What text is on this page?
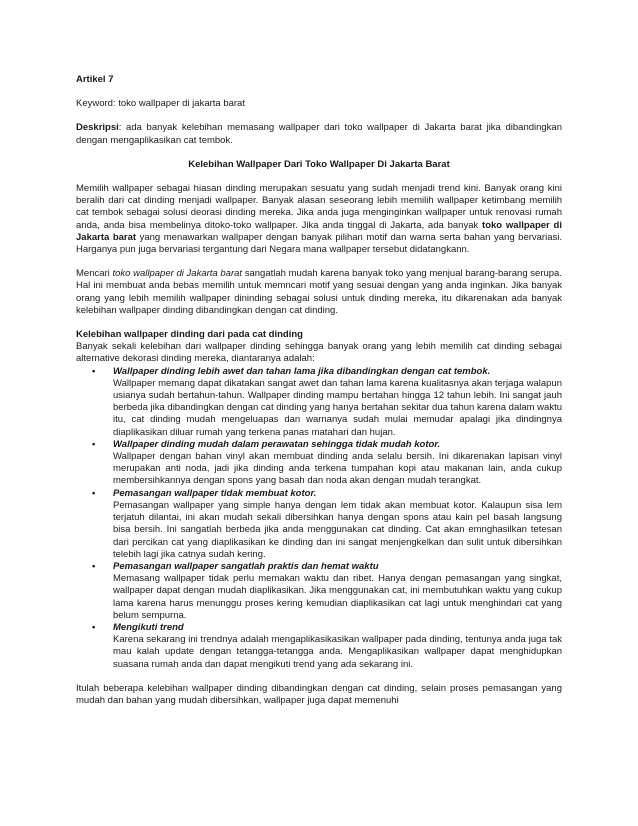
Artikel 7

Keyword: toko wallpaper di jakarta barat

Deskripsi: ada banyak kelebihan memasang wallpaper dari toko wallpaper di Jakarta barat jika dibandingkan dengan mengaplikasikan cat tembok.

Kelebihan Wallpaper Dari Toko Wallpaper Di Jakarta Barat

Memilih wallpaper sebagai hiasan dinding merupakan sesuatu yang sudah menjadi trend kini. Banyak orang kini beralih dari cat dinding menjadi wallpaper. Banyak alasan seseorang lebih memilih wallpaper ketimbang memilih cat tembok sebagai solusi deorasi dinding mereka. Jika anda juga menginginkan wallpaper untuk renovasi rumah anda, anda bisa membelinya ditoko-toko wallpaper. Jika anda tinggal di Jakarta, ada banyak toko wallpaper di Jakarta barat yang menawarkan wallpaper dengan banyak pilihan motif dan warna serta bahan yang bervariasi. Harganya pun juga bervariasi tergantung dari Negara mana wallpaper tersebut didatangkann.

Mencari toko wallpaper di Jakarta barat sangatlah mudah karena banyak toko yang menjual barang-barang serupa. Hal ini membuat anda bebas memilih untuk memncari motif yang sesuai dengan yang anda inginkan. Jika banyak orang yang lebih memilih wallpaper dininding sebagai solusi untuk dinding mereka, itu dikarenakan ada banyak kelebihan wallpaper dinding dibandingkan dengan cat dinding.

Kelebihan wallpaper dinding dari pada cat dinding

Banyak sekali kelebihan dari wallpaper dinding sehingga banyak orang yang lebih memilih cat dinding sebagai alternative dekorasi dinding mereka, diantaranya adalah:

• Wallpaper dinding lebih awet dan tahan lama jika dibandingkan dengan cat tembok.
Wallpaper memang dapat dikatakan sangat awet dan tahan lama karena kualitasnya akan terjaga walapun usianya sudah bertahun-tahun. Wallpaper dinding mampu bertahan hingga 12 tahun lebih. Ini sangat jauh berbeda jika dibandingkan dengan cat dinding yang hanya bertahan sekitar dua tahun karena dalam waktu itu, cat dinding mudah mengeluapas dan warnanya sudah mulai memudar apalagi jika dindingnya diaplikasikan diluar rumah yang terkena panas matahari dan hujan.
• Wallpaper dinding mudah dalam perawatan sehingga tidak mudah kotor.
Wallpaper dengan bahan vinyl akan membuat dinding anda selalu bersih. Ini dikarenakan lapisan vinyl merupakan anti noda, jadi jika dinding anda terkena tumpahan kopi atau makanan lain, anda cukup membersihkannya dengan spons yang basah dan noda akan dengan mudah terangkat.
• Pemasangan wallpaper tidak membuat kotor.
Pemasangan wallpaper yang simple hanya dengan lem tidak akan membuat kotor. Kalaupun sisa lem terjatuh dilantai, ini akan mudah sekali dibersihkan hanya dengan spons atau kain pel basah langsung bisa bersih. Ini sangatlah berbeda jika anda menggunakan cat dinding. Cat akan emnghasilkan tetesan dari percikan cat yang diaplikasikan ke dinding dan ini sangat menjengkelkan dan sulit untuk dibersihkan telebih lagi jika catnya sudah kering.
• Pemasangan wallpaper sangatlah praktis dan hemat waktu
Memasang wallpaper tidak perlu memakan waktu dan ribet. Hanya dengan pemasangan yang singkat, wallpaper dapat dengan mudah diaplikasikan. Jika menggunakan cat, ini membutuhkan waktu yang cukup lama karena harus menunggu proses kering kemudian diaplikasikan cat lagi untuk menghindari cat yang belum sempurna.
• Mengikuti trend
Karena sekarang ini trendnya adalah mengaplikasikasikan wallpaper pada dinding, tentunya anda juga tak mau kalah update dengan tetangga-tetangga anda. Mengaplikasikan wallpaper dapat menghidupkan suasana rumah anda dan dapat mengikuti trend yang ada sekarang ini.

Itulah beberapa kelebihan wallpaper dinding dibandingkan dengan cat dinding, selain proses pemasangan yang mudah dan bahan yang mudah dibersihkan, wallpaper juga dapat memenuhi
